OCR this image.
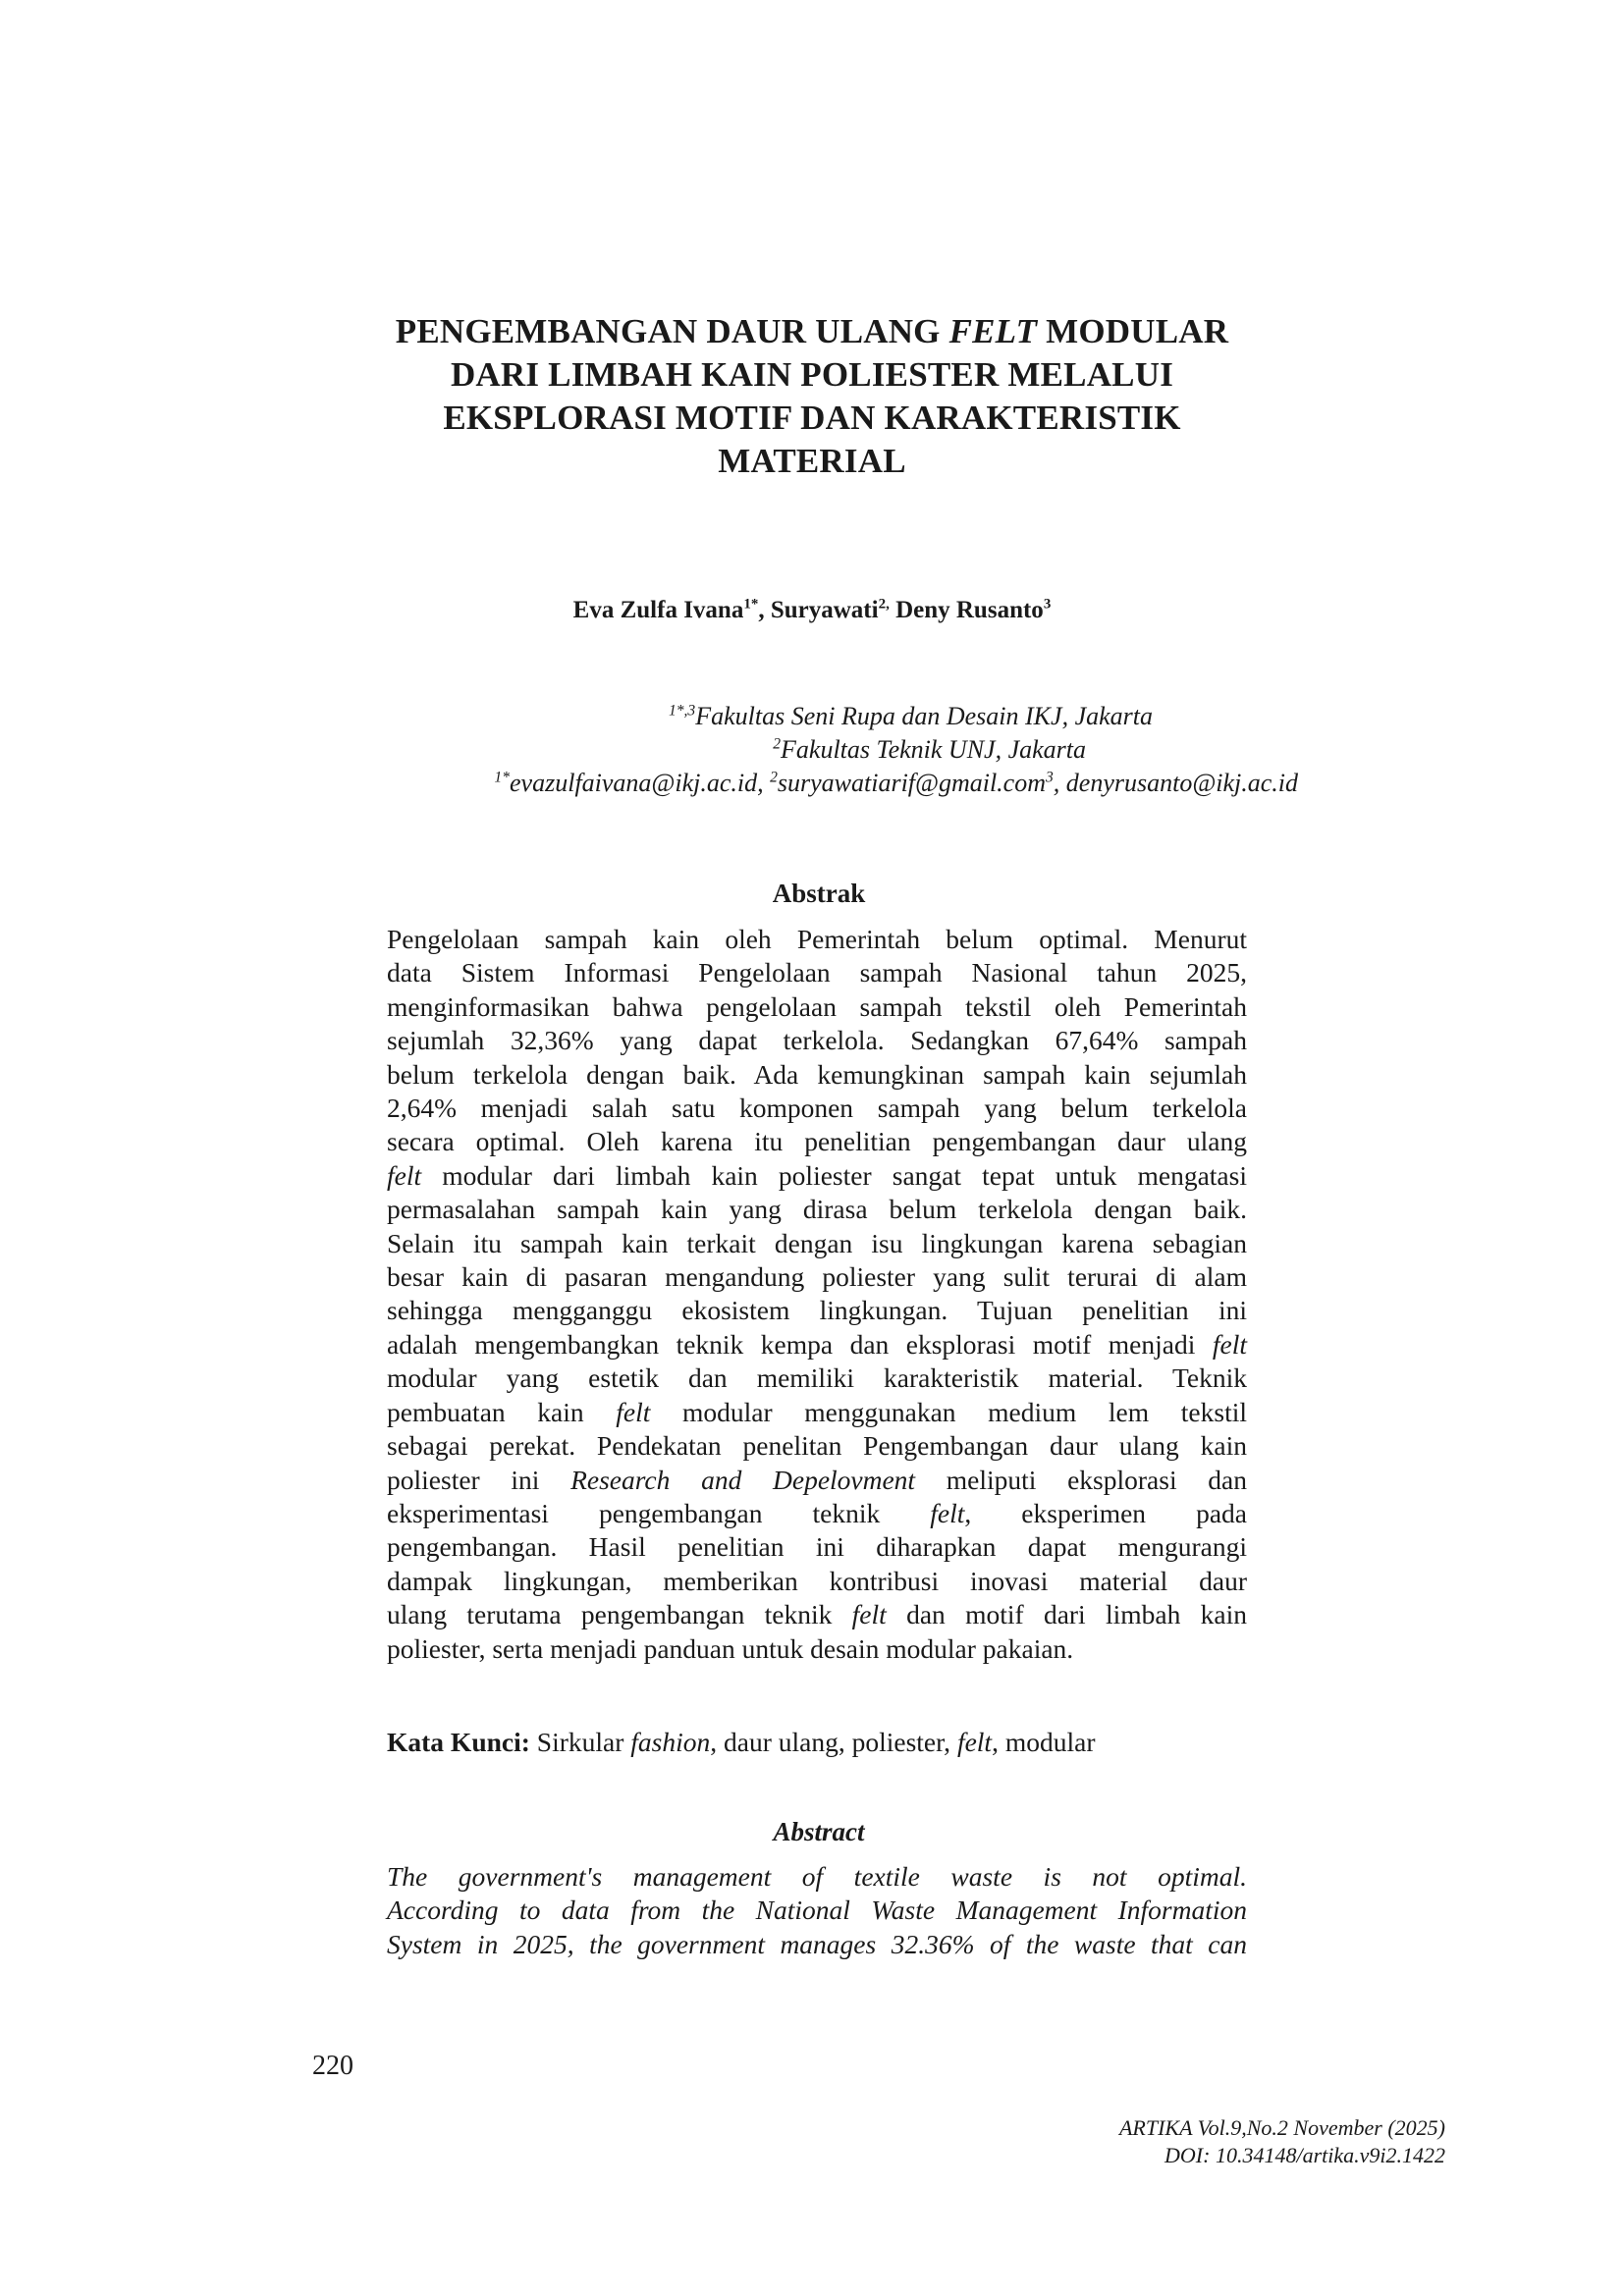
PENGEMBANGAN DAUR ULANG FELT MODULAR
DARI LIMBAH KAIN POLIESTER MELALUI
EKSPLORASI MOTIF DAN KARAKTERISTIK
MATERIAL
Eva Zulfa Ivana$^{1*}$, Suryawati$^{2,}$ Deny Rusanto$^3$
$^{1*,3}$Fakultas Seni Rupa dan Desain IKJ, Jakarta
$^2$Fakultas Teknik UNJ, Jakarta
$^{1*}$evazulfaivana@ikj.ac.id, $^2$suryawatiarif@gmail.com$^3$, denyrusanto@ikj.ac.id
Abstrak
Pengelolaan sampah kain oleh Pemerintah belum optimal. Menurut
data Sistem Informasi Pengelolaan sampah Nasional tahun 2025,
menginformasikan bahwa pengelolaan sampah tekstil oleh Pemerintah
sejumlah 32,36% yang dapat terkelola. Sedangkan 67,64% sampah
belum terkelola dengan baik. Ada kemungkinan sampah kain sejumlah
2,64% menjadi salah satu komponen sampah yang belum terkelola
secara optimal. Oleh karena itu penelitian pengembangan daur ulang
felt modular dari limbah kain poliester sangat tepat untuk mengatasi
permasalahan sampah kain yang dirasa belum terkelola dengan baik.
Selain itu sampah kain terkait dengan isu lingkungan karena sebagian
besar kain di pasaran mengandung poliester yang sulit terurai di alam
sehingga mengganggu ekosistem lingkungan. Tujuan penelitian ini
adalah mengembangkan teknik kempa dan eksplorasi motif menjadi felt
modular yang estetik dan memiliki karakteristik material. Teknik
pembuatan kain felt modular menggunakan medium lem tekstil
sebagai perekat. Pendekatan penelitan Pengembangan daur ulang kain
poliester ini Research and Depelovment meliputi eksplorasi dan
eksperimentasi pengembangan teknik felt, eksperimen pada
pengembangan. Hasil penelitian ini diharapkan dapat mengurangi
dampak lingkungan, memberikan kontribusi inovasi material daur
ulang terutama pengembangan teknik felt dan motif dari limbah kain
poliester, serta menjadi panduan untuk desain modular pakaian.
Kata Kunci: Sirkular fashion, daur ulang, poliester, felt, modular
Abstract
The government's management of textile waste is not optimal.
According to data from the National Waste Management Information
System in 2025, the government manages 32.36% of the waste that can
220
ARTIKA Vol.9,No.2 November (2025)
DOI: 10.34148/artika.v9i2.1422
